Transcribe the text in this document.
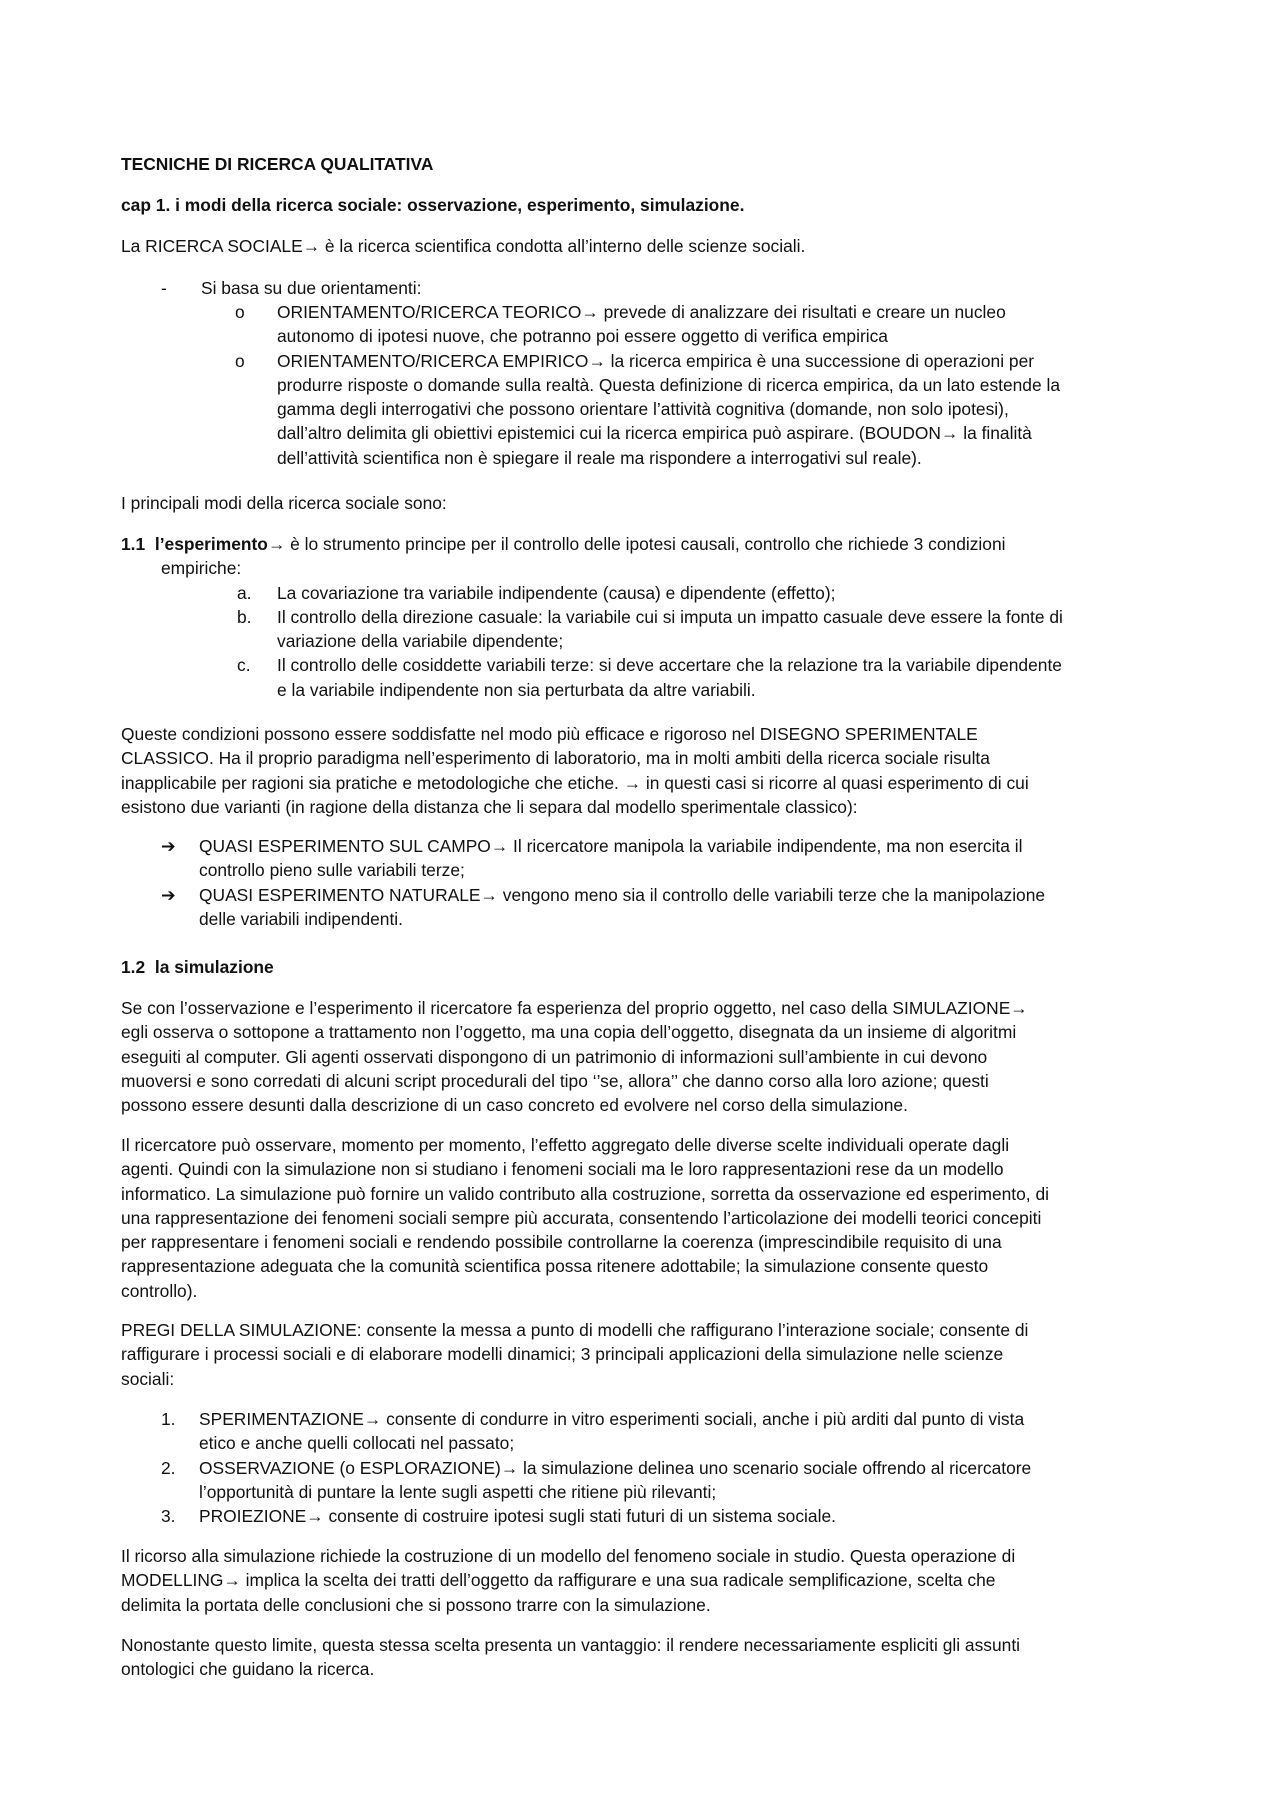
TECNICHE DI RICERCA QUALITATIVA
cap 1. i modi della ricerca sociale: osservazione, esperimento, simulazione.
La RICERCA SOCIALE→ è la ricerca scientifica condotta all’interno delle scienze sociali.
- Si basa su due orientamenti:
o ORIENTAMENTO/RICERCA TEORICO→ prevede di analizzare dei risultati e creare un nucleo
autonomo di ipotesi nuove, che potranno poi essere oggetto di verifica empirica
o ORIENTAMENTO/RICERCA EMPIRICO→ la ricerca empirica è una successione di operazioni per
produrre risposte o domande sulla realtà. Questa definizione di ricerca empirica, da un lato estende la
gamma degli interrogativi che possono orientare l’attività cognitiva (domande, non solo ipotesi),
dall’altro delimita gli obiettivi epistemici cui la ricerca empirica può aspirare. (BOUDON→ la finalità
dell’attività scientifica non è spiegare il reale ma rispondere a interrogativi sul reale).
I principali modi della ricerca sociale sono:
1.1 l’esperimento→ è lo strumento principe per il controllo delle ipotesi causali, controllo che richiede 3 condizioni
empiriche:
a. La covariazione tra variabile indipendente (causa) e dipendente (effetto);
b. Il controllo della direzione casuale: la variabile cui si imputa un impatto casuale deve essere la fonte di
variazione della variabile dipendente;
c. Il controllo delle cosiddette variabili terze: si deve accertare che la relazione tra la variabile dipendente
e la variabile indipendente non sia perturbata da altre variabili.
Queste condizioni possono essere soddisfatte nel modo più efficace e rigoroso nel DISEGNO SPERIMENTALE
CLASSICO. Ha il proprio paradigma nell’esperimento di laboratorio, ma in molti ambiti della ricerca sociale risulta
inapplicabile per ragioni sia pratiche e metodologiche che etiche. → in questi casi si ricorre al quasi esperimento di cui
esistono due varianti (in ragione della distanza che li separa dal modello sperimentale classico):
➔ QUASI ESPERIMENTO SUL CAMPO→ Il ricercatore manipola la variabile indipendente, ma non esercita il
controllo pieno sulle variabili terze;
➔ QUASI ESPERIMENTO NATURALE→ vengono meno sia il controllo delle variabili terze che la manipolazione
delle variabili indipendenti.
1.2 la simulazione
Se con l’osservazione e l’esperimento il ricercatore fa esperienza del proprio oggetto, nel caso della SIMULAZIONE→
egli osserva o sottopone a trattamento non l’oggetto, ma una copia dell’oggetto, disegnata da un insieme di algoritmi
eseguiti al computer. Gli agenti osservati dispongono di un patrimonio di informazioni sull’ambiente in cui devono
muoversi e sono corredati di alcuni script procedurali del tipo ‘’se, allora’’ che danno corso alla loro azione; questi
possono essere desunti dalla descrizione di un caso concreto ed evolvere nel corso della simulazione.
Il ricercatore può osservare, momento per momento, l’effetto aggregato delle diverse scelte individuali operate dagli
agenti. Quindi con la simulazione non si studiano i fenomeni sociali ma le loro rappresentazioni rese da un modello
informatico. La simulazione può fornire un valido contributo alla costruzione, sorretta da osservazione ed esperimento, di
una rappresentazione dei fenomeni sociali sempre più accurata, consentendo l’articolazione dei modelli teorici concepiti
per rappresentare i fenomeni sociali e rendendo possibile controllarne la coerenza (imprescindibile requisito di una
rappresentazione adeguata che la comunità scientifica possa ritenere adottabile; la simulazione consente questo
controllo).
PREGI DELLA SIMULAZIONE: consente la messa a punto di modelli che raffigurano l’interazione sociale; consente di
raffigurare i processi sociali e di elaborare modelli dinamici; 3 principali applicazioni della simulazione nelle scienze
sociali:
1. SPERIMENTAZIONE→ consente di condurre in vitro esperimenti sociali, anche i più arditi dal punto di vista
etico e anche quelli collocati nel passato;
2. OSSERVAZIONE (o ESPLORAZIONE)→ la simulazione delinea uno scenario sociale offrendo al ricercatore
l’opportunità di puntare la lente sugli aspetti che ritiene più rilevanti;
3. PROIEZIONE→ consente di costruire ipotesi sugli stati futuri di un sistema sociale.
Il ricorso alla simulazione richiede la costruzione di un modello del fenomeno sociale in studio. Questa operazione di
MODELLING→ implica la scelta dei tratti dell’oggetto da raffigurare e una sua radicale semplificazione, scelta che
delimita la portata delle conclusioni che si possono trarre con la simulazione.
Nonostante questo limite, questa stessa scelta presenta un vantaggio: il rendere necessariamente espliciti gli assunti
ontologici che guidano la ricerca.
